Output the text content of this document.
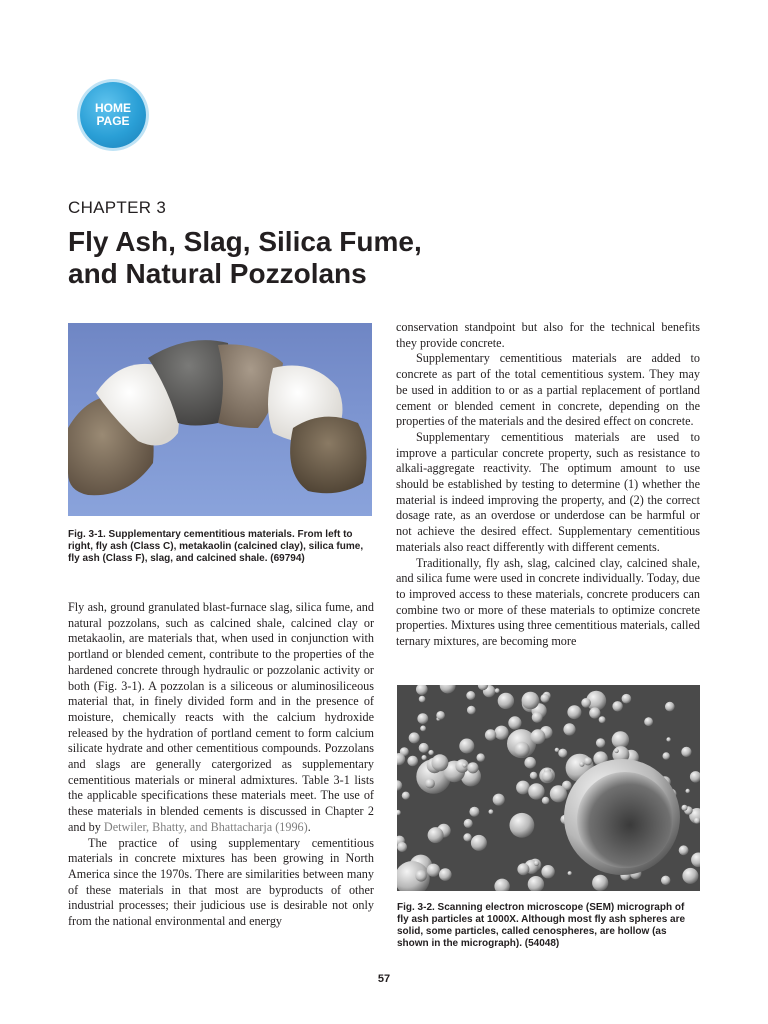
HOME
PAGE
CHAPTER 3
Fly Ash, Slag, Silica Fume,
and Natural Pozzolans

Fig. 3-1. Supplementary cementitious materials. From left to right, fly ash (Class C), metakaolin (calcined clay), silica fume, fly ash (Class F), slag, and calcined shale. (69794)

Fly ash, ground granulated blast-furnace slag, silica fume, and natural pozzolans, such as calcined shale, calcined clay or metakaolin, are materials that, when used in conjunction with portland or blended cement, contribute to the properties of the hardened concrete through hydraulic or pozzolanic activity or both (Fig. 3-1). A pozzolan is a siliceous or aluminosiliceous material that, in finely divided form and in the presence of moisture, chemically reacts with the calcium hydroxide released by the hydration of portland cement to form calcium silicate hydrate and other cementitious compounds. Pozzolans and slags are generally catergorized as supplementary cementitious materials or mineral admixtures. Table 3-1 lists the applicable specifications these materials meet. The use of these materials in blended cements is discussed in Chapter 2 and by Detwiler, Bhatty, and Bhattacharja (1996).

The practice of using supplementary cementitious materials in concrete mixtures has been growing in North America since the 1970s. There are similarities between many of these materials in that most are byproducts of other industrial processes; their judicious use is desirable not only from the national environmental and energy

conservation standpoint but also for the technical benefits they provide concrete.

Supplementary cementitious materials are added to concrete as part of the total cementitious system. They may be used in addition to or as a partial replacement of portland cement or blended cement in concrete, depending on the properties of the materials and the desired effect on concrete.

Supplementary cementitious materials are used to improve a particular concrete property, such as resistance to alkali-aggregate reactivity. The optimum amount to use should be established by testing to determine (1) whether the material is indeed improving the property, and (2) the correct dosage rate, as an overdose or underdose can be harmful or not achieve the desired effect. Supplementary cementitious materials also react differently with different cements.

Traditionally, fly ash, slag, calcined clay, calcined shale, and silica fume were used in concrete individually. Today, due to improved access to these materials, concrete producers can combine two or more of these materials to optimize concrete properties. Mixtures using three cementitious materials, called ternary mixtures, are becoming more

Fig. 3-2. Scanning electron microscope (SEM) micrograph of fly ash particles at 1000X. Although most fly ash spheres are solid, some particles, called cenospheres, are hollow (as shown in the micrograph). (54048)

57
